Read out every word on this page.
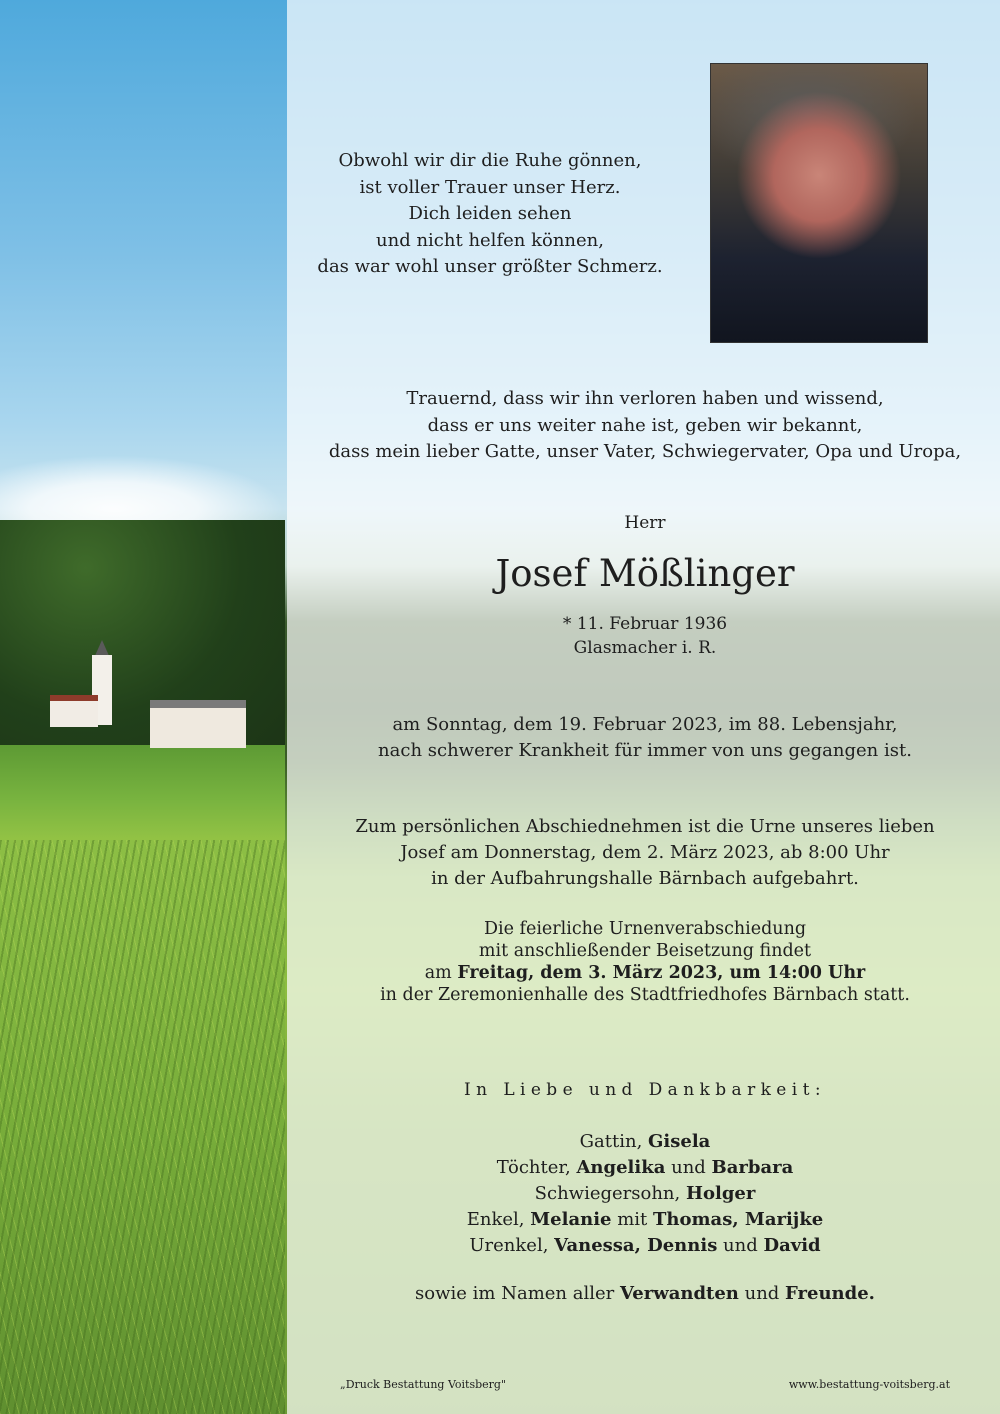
Obwohl wir dir die Ruhe gönnen,
ist voller Trauer unser Herz.
Dich leiden sehen
und nicht helfen können,
das war wohl unser größter Schmerz.

Trauernd, dass wir ihn verloren haben und wissend,
dass er uns weiter nahe ist, geben wir bekannt,
dass mein lieber Gatte, unser Vater, Schwiegervater, Opa und Uropa,

Herr

Josef Mößlinger

* 11. Februar 1936
Glasmacher i. R.

am Sonntag, dem 19. Februar 2023, im 88. Lebensjahr,
nach schwerer Krankheit für immer von uns gegangen ist.

Zum persönlichen Abschiednehmen ist die Urne unseres lieben
Josef am Donnerstag, dem 2. März 2023, ab 8:00 Uhr
in der Aufbahrungshalle Bärnbach aufgebahrt.

Die feierliche Urnenverabschiedung
mit anschließender Beisetzung findet
am Freitag, dem 3. März 2023, um 14:00 Uhr
in der Zeremonienhalle des Stadtfriedhofes Bärnbach statt.

In Liebe und Dankbarkeit:

Gattin, Gisela
Töchter, Angelika und Barbara
Schwiegersohn, Holger
Enkel, Melanie mit Thomas, Marijke
Urenkel, Vanessa, Dennis und David

sowie im Namen aller Verwandten und Freunde.

„Druck Bestattung Voitsberg"	www.bestattung-voitsberg.at
